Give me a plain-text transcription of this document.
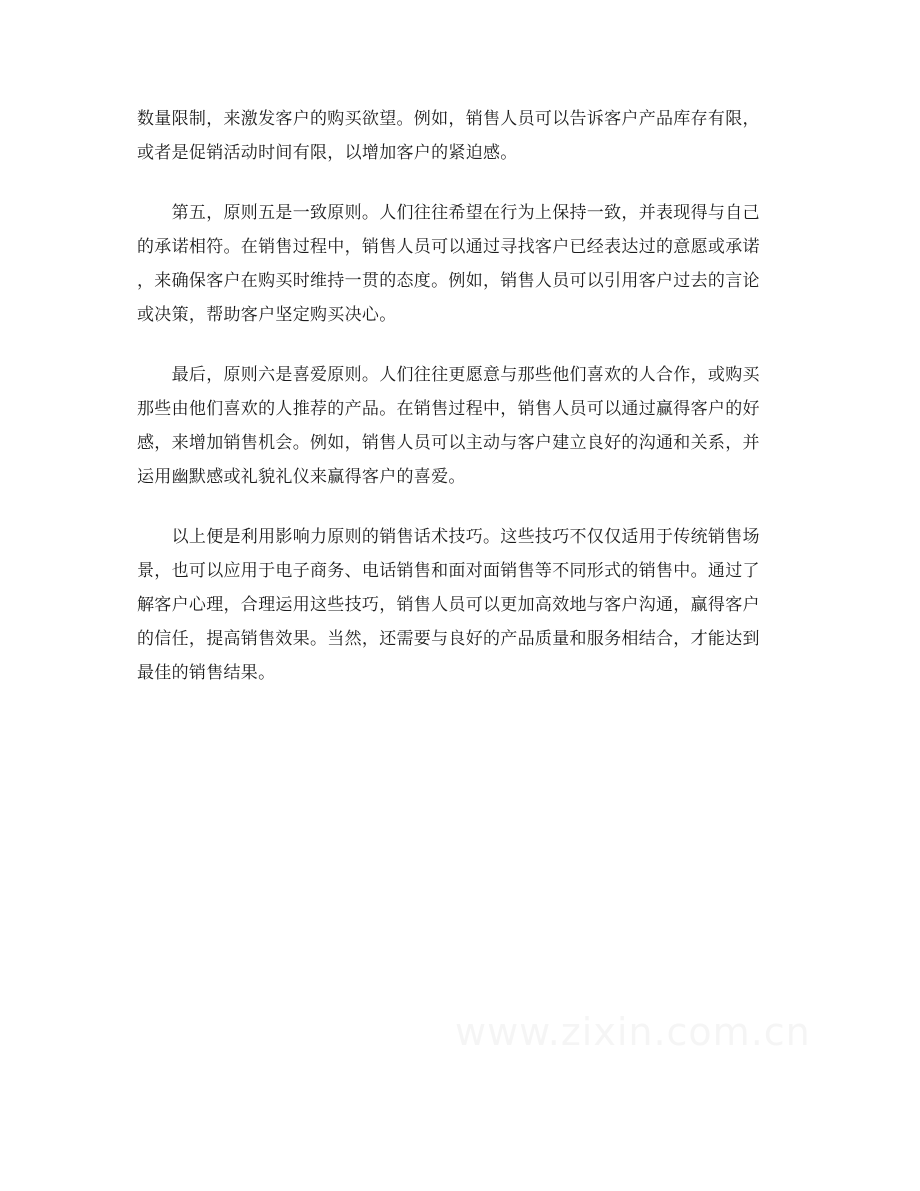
数量限制，来激发客户的购买欲望。例如，销售人员可以告诉客户产品库存有限，
或者是促销活动时间有限，以增加客户的紧迫感。

　　第五，原则五是一致原则。人们往往希望在行为上保持一致，并表现得与自己
的承诺相符。在销售过程中，销售人员可以通过寻找客户已经表达过的意愿或承诺
，来确保客户在购买时维持一贯的态度。例如，销售人员可以引用客户过去的言论
或决策，帮助客户坚定购买决心。

　　最后，原则六是喜爱原则。人们往往更愿意与那些他们喜欢的人合作，或购买
那些由他们喜欢的人推荐的产品。在销售过程中，销售人员可以通过赢得客户的好
感，来增加销售机会。例如，销售人员可以主动与客户建立良好的沟通和关系，并
运用幽默感或礼貌礼仪来赢得客户的喜爱。

　　以上便是利用影响力原则的销售话术技巧。这些技巧不仅仅适用于传统销售场
景，也可以应用于电子商务、电话销售和面对面销售等不同形式的销售中。通过了
解客户心理，合理运用这些技巧，销售人员可以更加高效地与客户沟通，赢得客户
的信任，提高销售效果。当然，还需要与良好的产品质量和服务相结合，才能达到
最佳的销售结果。

www.zixin.com.cn
